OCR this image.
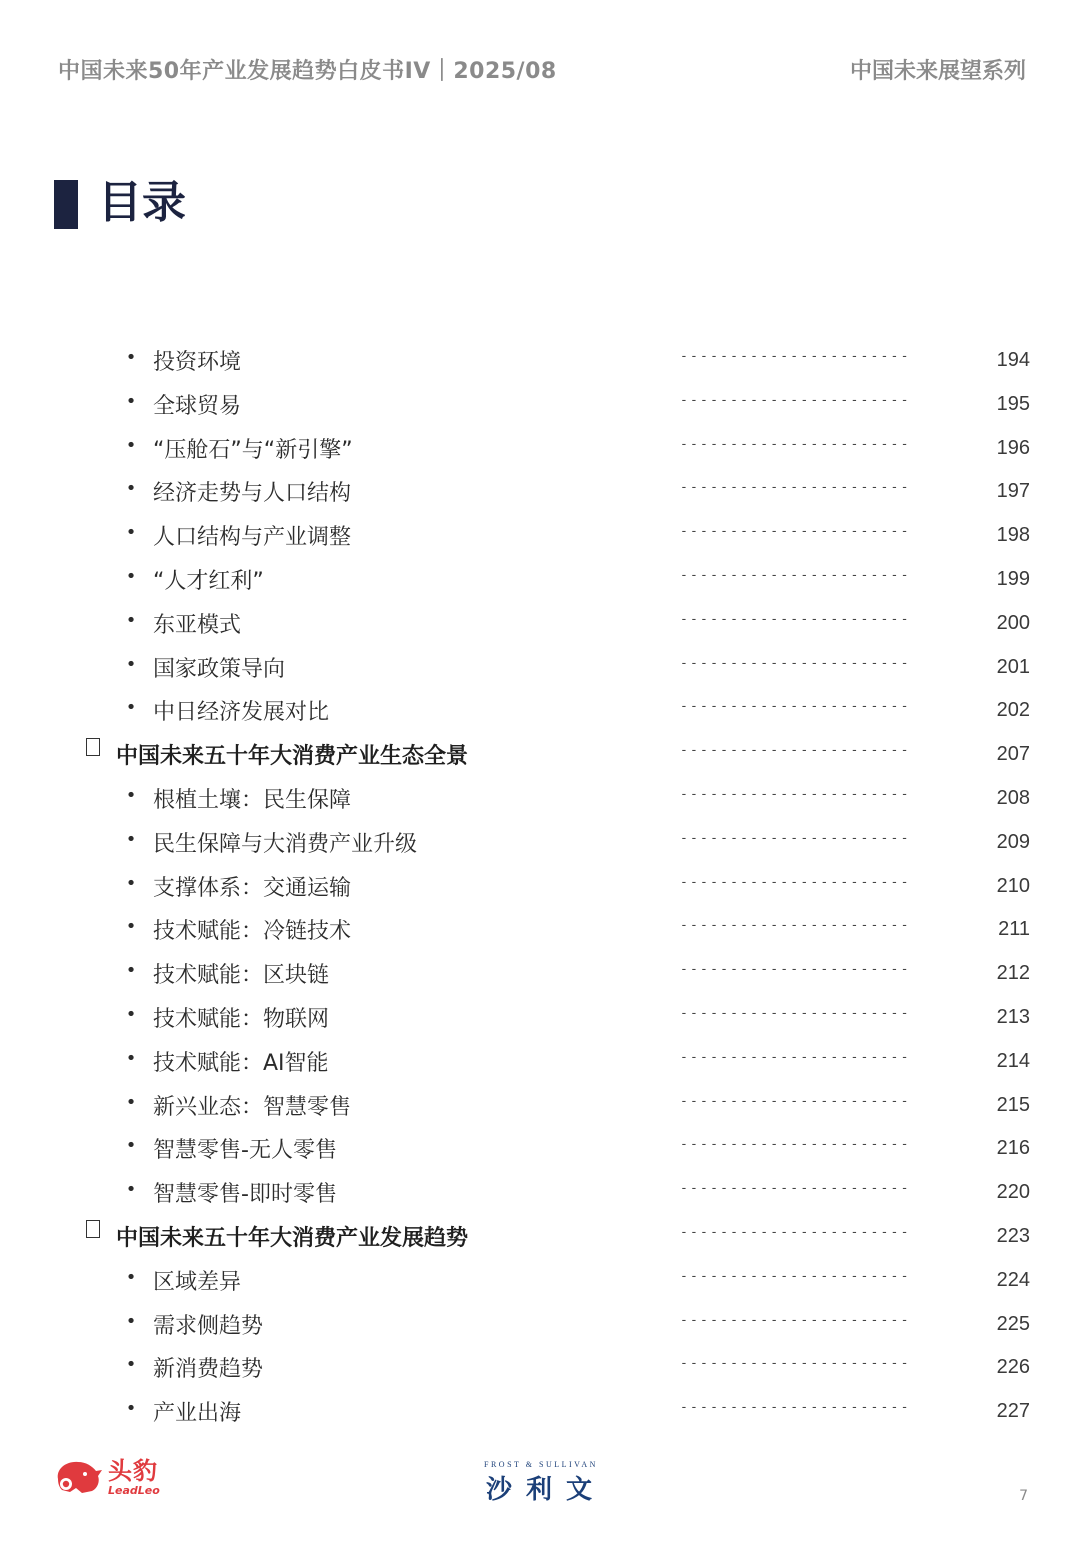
中国未来50年产业发展趋势白皮书IV｜2025/08	中国未来展望系列
目录
• 投资环境	-----------------------	194
• 全球贸易	-----------------------	195
• “压舱石”与“新引擎”	-----------------------	196
• 经济走势与人口结构	-----------------------	197
• 人口结构与产业调整	-----------------------	198
• “人才红利”	-----------------------	199
• 东亚模式	-----------------------	200
• 国家政策导向	-----------------------	201
• 中日经济发展对比	-----------------------	202
中国未来五十年大消费产业生态全景	-----------------------	207
• 根植土壤：民生保障	-----------------------	208
• 民生保障与大消费产业升级	-----------------------	209
• 支撑体系：交通运输	-----------------------	210
• 技术赋能：冷链技术	-----------------------	211
• 技术赋能：区块链	-----------------------	212
• 技术赋能：物联网	-----------------------	213
• 技术赋能：AI智能	-----------------------	214
• 新兴业态：智慧零售	-----------------------	215
• 智慧零售-无人零售	-----------------------	216
• 智慧零售-即时零售	-----------------------	220
中国未来五十年大消费产业发展趋势	-----------------------	223
• 区域差异	-----------------------	224
• 需求侧趋势	-----------------------	225
• 新消费趋势	-----------------------	226
• 产业出海	-----------------------	227
头豹
LeadLeo
FROST & SULLIVAN
沙利文	7
